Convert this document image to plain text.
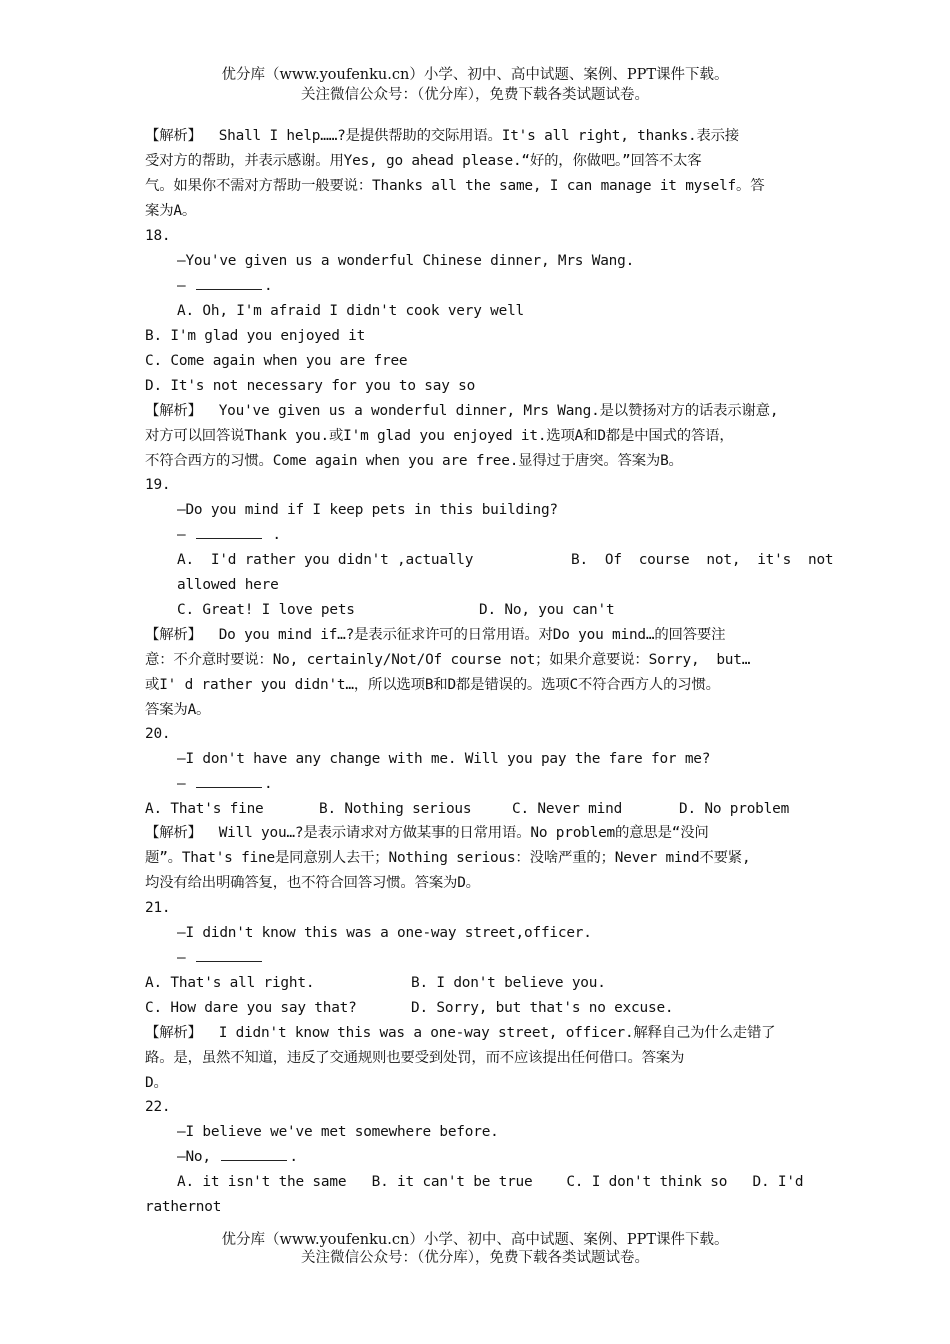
优分库（www.youfenku.cn）小学、初中、高中试题、案例、PPT课件下载。
关注微信公众号：（优分库），免费下载各类试题试卷。
【解析】  Shall I help……?是提供帮助的交际用语。It's all right, thanks.表示接
受对方的帮助，并表示感谢。用Yes, go ahead please.“好的，你做吧。”回答不太客
气。如果你不需对方帮助一般要说：Thanks all the same, I can manage it myself。答
案为A。
18.
—You've given us a wonderful Chinese dinner, Mrs Wang.
—	.
A. Oh, I'm afraid I didn't cook very well
B. I'm glad you enjoyed it
C. Come again when you are free
D. It's not necessary for you to say so
【解析】  You've given us a wonderful dinner, Mrs Wang.是以赞扬对方的话表示谢意,
对方可以回答说Thank you.或I'm glad you enjoyed it.选项A和D都是中国式的答语，
不符合西方的习惯。Come again when you are free.显得过于唐突。答案为B。
19.
—Do you mind if I keep pets in this building?
—	.
A.  I'd rather you didn't ,actually	B.  Of  course  not,  it's  not
allowed here
C. Great! I love pets	D. No, you can't
【解析】  Do you mind if…?是表示征求许可的日常用语。对Do you mind…的回答要注
意：不介意时要说：No, certainly/Not/Of course not；如果介意要说：Sorry,  but…
或I' d rather you didn't…，所以选项B和D都是错误的。选项C不符合西方人的习惯。
答案为A。
20.
—I don't have any change with me. Will you pay the fare for me?
—	.
A. That's fine	B. Nothing serious	C. Never mind	D. No problem
【解析】  Will you…?是表示请求对方做某事的日常用语。No problem的意思是“没问
题”。That's fine是同意别人去干；Nothing serious：没啥严重的；Never mind不要紧,
均没有给出明确答复，也不符合回答习惯。答案为D。
21.
—I didn't know this was a one-way street,officer.
—
A. That's all right.	B. I don't believe you.
C. How dare you say that?	D. Sorry, but that's no excuse.
【解析】  I didn't know this was a one-way street, officer.解释自己为什么走错了
路。是，虽然不知道，违反了交通规则也要受到处罚，而不应该提出任何借口。答案为
D。
22.
—I believe we've met somewhere before.
—No,	.
A. it isn't the same   B. it can't be true    C. I don't think so   D. I'd
rathernot
优分库（www.youfenku.cn）小学、初中、高中试题、案例、PPT课件下载。
关注微信公众号：（优分库），免费下载各类试题试卷。
